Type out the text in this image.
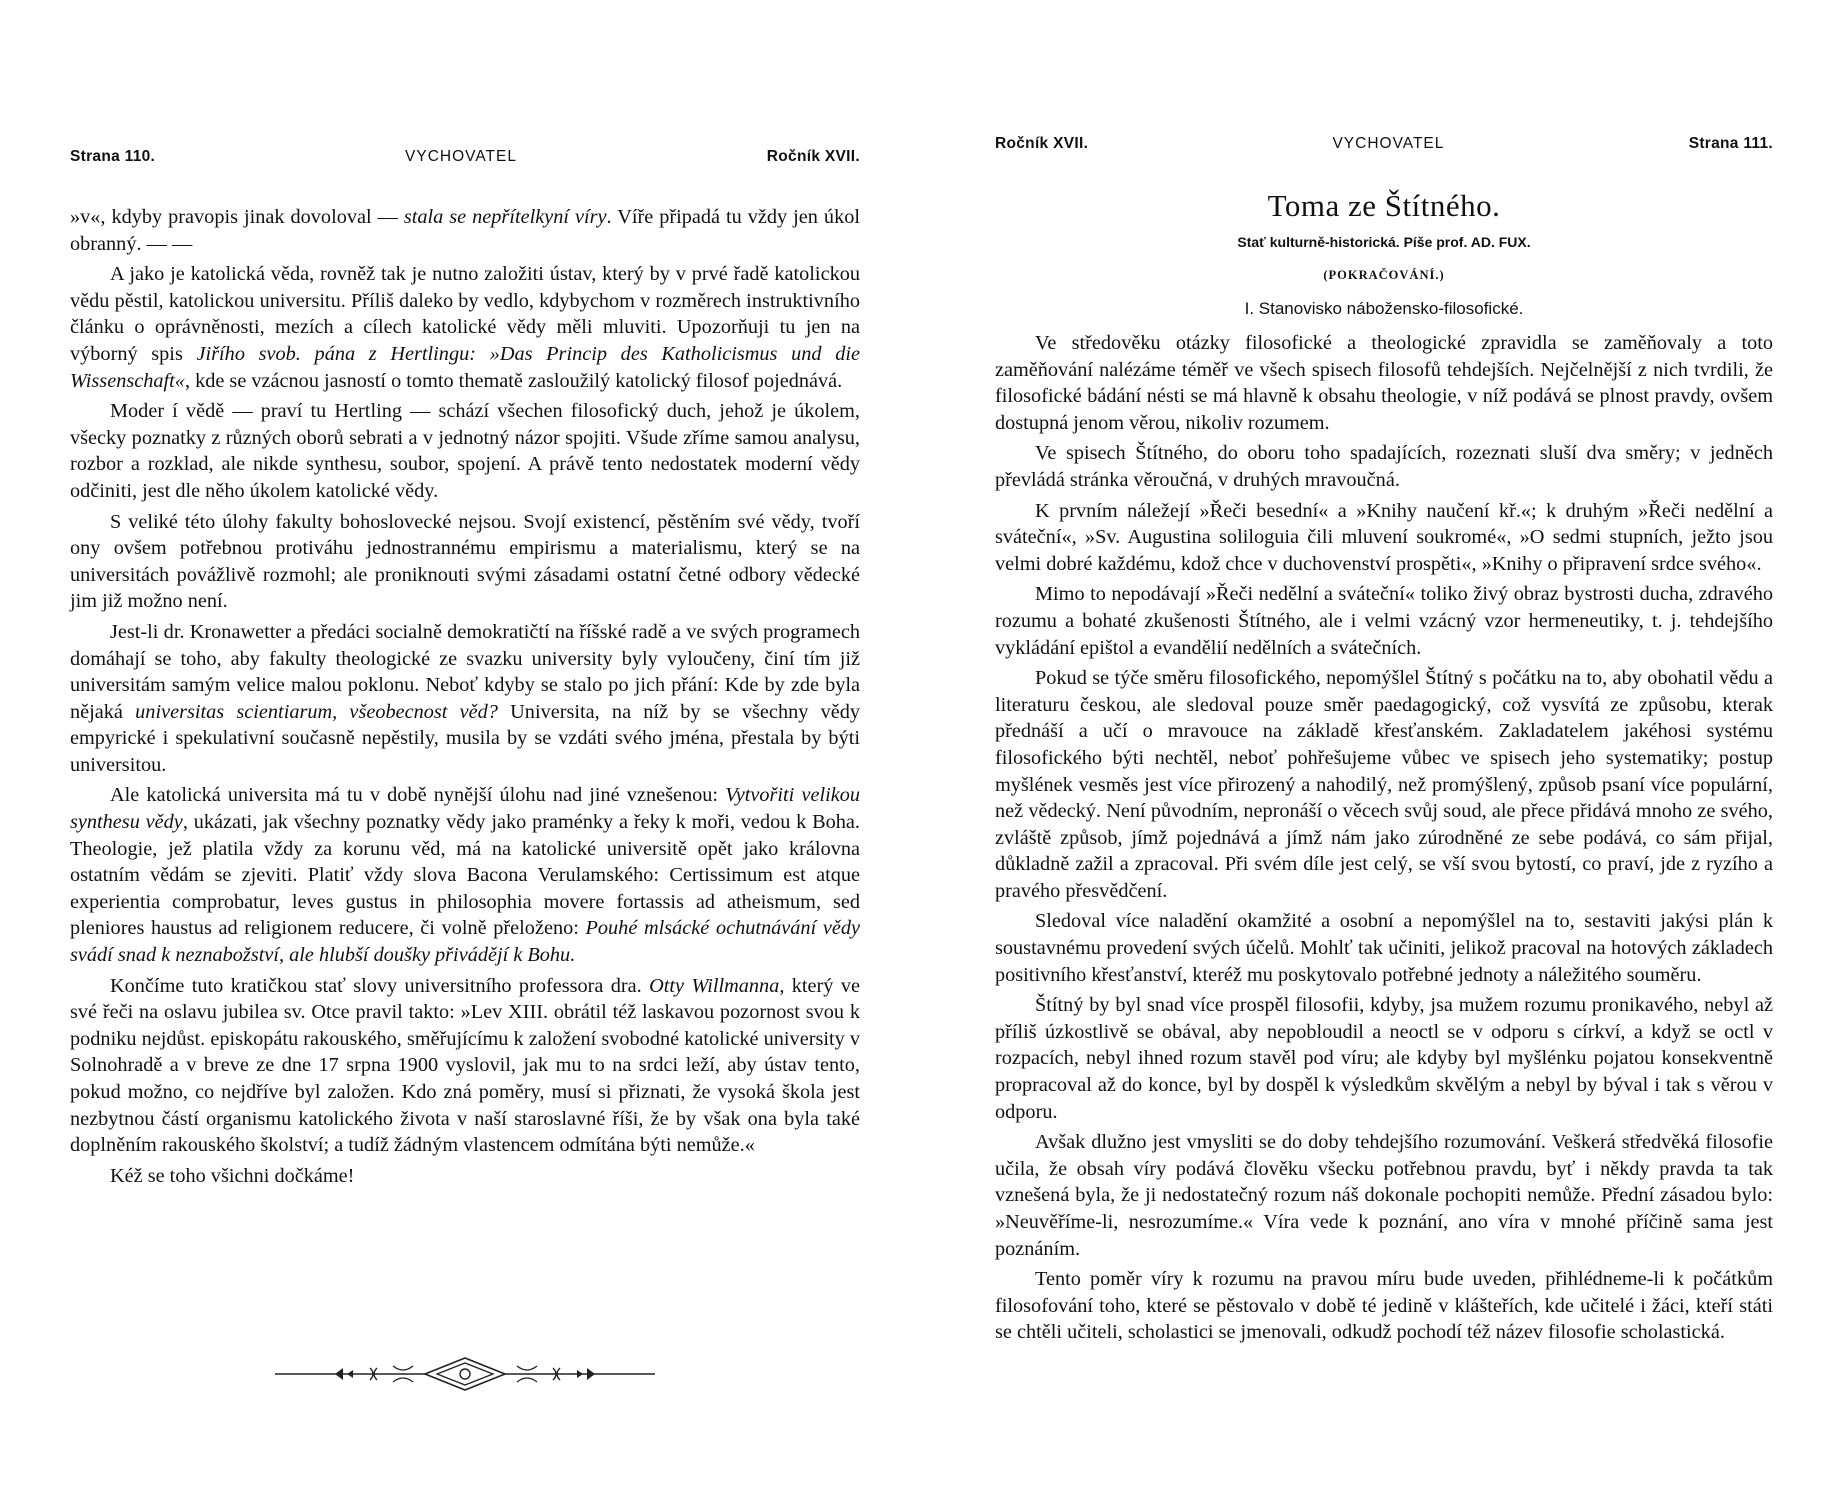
Strana 110.	VYCHOVATEL	Ročník XVII.

»v«, kdyby pravopis jinak dovoloval — stala se nepřítelkyní víry. Víře připadá tu vždy jen úkol obranný. — —

A jako je katolická věda, rovněž tak je nutno založiti ústav, který by v prvé řadě katolickou vědu pěstil, katolickou universitu. Příliš daleko by vedlo, kdybychom v rozměrech instruktivního článku o oprávněnosti, mezích a cílech katolické vědy měli mluviti. Upozorňuji tu jen na výborný spis Jiřího svob. pána z Hertlingu: »Das Princip des Katholicismus und die Wissenschaft«, kde se vzácnou jasností o tomto thematě zasloužilý katolický filosof pojednává.

Moder í vědě — praví tu Hertling — schází všechen filosofický duch, jehož je úkolem, všecky poznatky z různých oborů sebrati a v jednotný názor spojiti. Všude zříme samou analysu, rozbor a rozklad, ale nikde synthesu, soubor, spojení. A právě tento nedostatek moderní vědy odčiniti, jest dle něho úkolem katolické vědy.

S veliké této úlohy fakulty bohoslovecké nejsou. Svojí existencí, pěstěním své vědy, tvoří ony ovšem potřebnou protiváhu jednostrannému empirismu a materialismu, který se na universitách povážlivě rozmohl; ale proniknouti svými zásadami ostatní četné odbory vědecké jim již možno není.

Jest-li dr. Kronawetter a předáci socialně demokratičtí na říšské radě a ve svých programech domáhají se toho, aby fakulty theologické ze svazku university byly vyloučeny, činí tím již universitám samým velice malou poklonu. Neboť kdyby se stalo po jich přání: Kde by zde byla nějaká universitas scientiarum, všeobecnost věd? Universita, na níž by se všechny vědy empyrické i spekulativní současně nepěstily, musila by se vzdáti svého jména, přestala by býti universitou.

Ale katolická universita má tu v době nynější úlohu nad jiné vznešenou: Vytvořiti velikou synthesu vědy, ukázati, jak všechny poznatky vědy jako praménky a řeky k moři, vedou k Boha. Theologie, jež platila vždy za korunu věd, má na katolické universitě opět jako královna ostatním vědám se zjeviti. Platiť vždy slova Bacona Verulamského: Certissimum est atque experientia comprobatur, leves gustus in philosophia movere fortassis ad atheismum, sed pleniores haustus ad religionem reducere, či volně přeloženo: Pouhé mlsácké ochutnávání vědy svádí snad k neznabožství, ale hlubší doušky přivádějí k Bohu.

Končíme tuto kratičkou stať slovy universitního professora dra. Otty Willmanna, který ve své řeči na oslavu jubilea sv. Otce pravil takto: »Lev XIII. obrátil též laskavou pozornost svou k podniku nejdůst. episkopátu rakouského, směřujícímu k založení svobodné katolické university v Solnohradě a v breve ze dne 17 srpna 1900 vyslovil, jak mu to na srdci leží, aby ústav tento, pokud možno, co nejdříve byl založen. Kdo zná poměry, musí si přiznati, že vysoká škola jest nezbytnou částí organismu katolického života v naší staroslavné říši, že by však ona byla také doplněním rakouského školství; a tudíž žádným vlastencem odmítána býti nemůže.«

Kéž se toho všichni dočkáme!

Ročník XVII.	VYCHOVATEL	Strana 111.
Toma ze Štítného.
Stať kulturně-historická. Píše prof. AD. FUX.
(POKRAČOVÁNÍ.)
I. Stanovisko nábožensko-filosofické.

Ve středověku otázky filosofické a theologické zpravidla se zaměňovaly a toto zaměňování nalézáme téměř ve všech spisech filosofů tehdejších. Nejčelnější z nich tvrdili, že filosofické bádání nésti se má hlavně k obsahu theologie, v níž podává se plnost pravdy, ovšem dostupná jenom věrou, nikoliv rozumem.

Ve spisech Štítného, do oboru toho spadajících, rozeznati sluší dva směry; v jedněch převládá stránka věroučná, v druhých mravoučná.

K prvním náležejí »Řeči besední« a »Knihy naučení kř.«; k druhým »Řeči nedělní a sváteční«, »Sv. Augustina soliloguia čili mluvení soukromé«, »O sedmi stupních, ježto jsou velmi dobré každému, kdož chce v duchovenství prospěti«, »Knihy o připravení srdce svého«.

Mimo to nepodávají »Řeči nedělní a sváteční« toliko živý obraz bystrosti ducha, zdravého rozumu a bohaté zkušenosti Štítného, ale i velmi vzácný vzor hermeneutiky, t. j. tehdejšího vykládání epištol a evandělií nedělních a svátečních.

Pokud se týče směru filosofického, nepomýšlel Štítný s počátku na to, aby obohatil vědu a literaturu českou, ale sledoval pouze směr paedagogický, což vysvítá ze způsobu, kterak přednáší a učí o mravouce na základě křesťanském. Zakladatelem jakéhosi systému filosofického býti nechtěl, neboť pohřešujeme vůbec ve spisech jeho systematiky; postup myšlének vesměs jest více přirozený a nahodilý, než promýšlený, způsob psaní více populární, než vědecký. Není původním, nepronáší o věcech svůj soud, ale přece přidává mnoho ze svého, zvláště způsob, jímž pojednává a jímž nám jako zúrodněné ze sebe podává, co sám přijal, důkladně zažil a zpracoval. Při svém díle jest celý, se vší svou bytostí, co praví, jde z ryzího a pravého přesvědčení.

Sledoval více naladění okamžité a osobní a nepomýšlel na to, sestaviti jakýsi plán k soustavnému provedení svých účelů. Mohlť tak učiniti, jelikož pracoval na hotových základech positivního křesťanství, kteréž mu poskytovalo potřebné jednoty a náležitého souměru.

Štítný by byl snad více prospěl filosofii, kdyby, jsa mužem rozumu pronikavého, nebyl až příliš úzkostlivě se obával, aby nepobloudil a neoctl se v odporu s církví, a když se octl v rozpacích, nebyl ihned rozum stavěl pod víru; ale kdyby byl myšlénku pojatou konsekventně propracoval až do konce, byl by dospěl k výsledkům skvělým a nebyl by býval i tak s věrou v odporu.

Avšak dlužno jest vmysliti se do doby tehdejšího rozumování. Veškerá středvěká filosofie učila, že obsah víry podává člověku všecku potřebnou pravdu, byť i někdy pravda ta tak vznešená byla, že ji nedostatečný rozum náš dokonale pochopiti nemůže. Přední zásadou bylo: »Neuvěříme-li, nesrozumíme.« Víra vede k poznání, ano víra v mnohé příčině sama jest poznáním.

Tento poměr víry k rozumu na pravou míru bude uveden, přihlédneme-li k počátkům filosofování toho, které se pěstovalo v době té jedině v klášteřích, kde učitelé i žáci, kteří státi se chtěli učiteli, scholastici se jmenovali, odkudž pochodí též název filosofie scholastická.
